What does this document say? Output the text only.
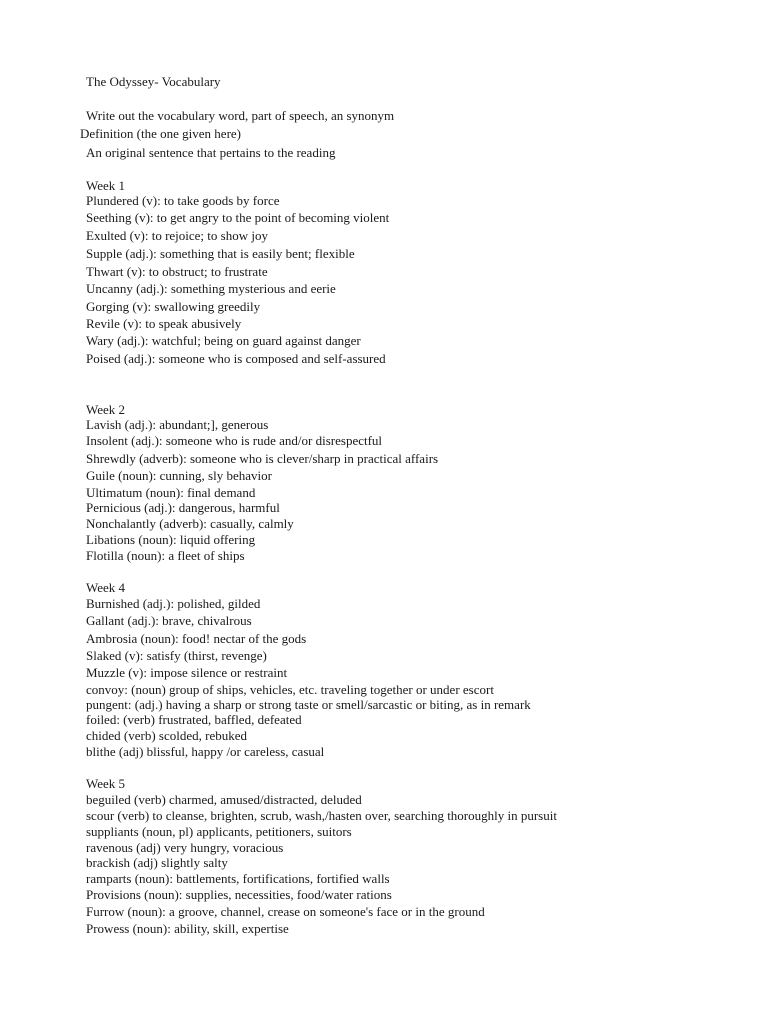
The Odyssey- Vocabulary
Write out the vocabulary word, part of speech, an synonym
Definition (the one given here)
An original sentence that pertains to the reading
Week 1
Plundered (v): to take goods by force
Seething (v): to get angry to the point of becoming violent
Exulted (v): to rejoice; to show joy
Supple (adj.): something that is easily bent; flexible
Thwart (v): to obstruct; to frustrate
Uncanny (adj.): something mysterious and eerie
Gorging (v): swallowing greedily
Revile (v): to speak abusively
Wary (adj.): watchful; being on guard against danger
Poised (adj.): someone who is composed and self-assured
Week 2
Lavish (adj.): abundant;], generous
Insolent (adj.): someone who is rude and/or disrespectful
Shrewdly (adverb): someone who is clever/sharp in practical affairs
Guile (noun): cunning, sly behavior
Ultimatum (noun): final demand
Pernicious (adj.): dangerous, harmful
Nonchalantly (adverb): casually, calmly
Libations (noun): liquid offering
Flotilla (noun): a fleet of ships
Week 4
Burnished (adj.): polished, gilded
Gallant (adj.): brave, chivalrous
Ambrosia (noun): food! nectar of the gods
Slaked (v): satisfy (thirst, revenge)
Muzzle (v): impose silence or restraint
convoy: (noun) group of ships, vehicles, etc. traveling together or under escort
pungent: (adj.) having a sharp or strong taste or smell/sarcastic or biting, as in remark
foiled: (verb) frustrated, baffled, defeated
chided (verb) scolded, rebuked
blithe (adj) blissful, happy /or careless, casual
Week 5
beguiled (verb) charmed, amused/distracted, deluded
scour (verb) to cleanse, brighten, scrub, wash,/hasten over, searching thoroughly in pursuit
suppliants (noun, pl) applicants, petitioners, suitors
ravenous (adj) very hungry, voracious
brackish (adj) slightly salty
ramparts (noun): battlements, fortifications, fortified walls
Provisions (noun): supplies, necessities, food/water rations
Furrow (noun): a groove, channel, crease on someone's face or in the ground
Prowess (noun): ability, skill, expertise
